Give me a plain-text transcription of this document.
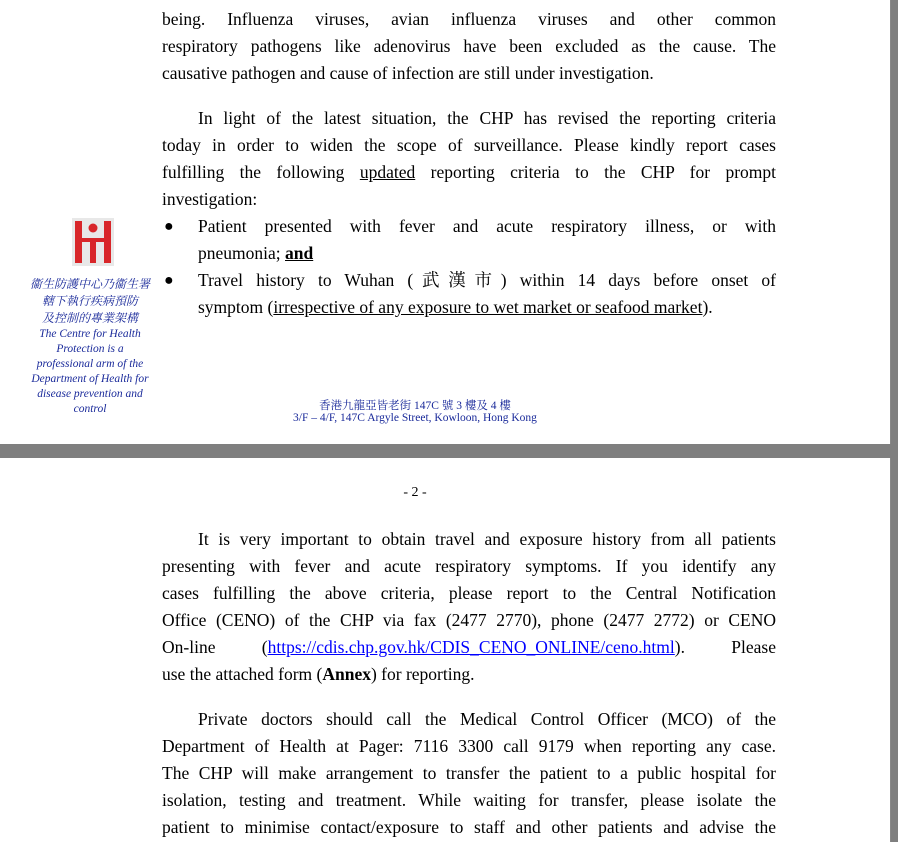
being. Influenza viruses, avian influenza viruses and other common
respiratory pathogens like adenovirus have been excluded as the cause. The
causative pathogen and cause of infection are still under investigation.
In light of the latest situation, the CHP has revised the reporting criteria
today in order to widen the scope of surveillance. Please kindly report cases
fulfilling the following updated reporting criteria to the CHP for prompt
investigation:
● Patient presented with fever and acute respiratory illness, or with
pneumonia; and
● Travel history to Wuhan (武漢市) within 14 days before onset of
symptom (irrespective of any exposure to wet market or seafood market).
衞生防護中心乃衞生署
轄下執行疾病預防
及控制的專業架構
The Centre for Health
Protection is a
professional arm of the
Department of Health for
disease prevention and
control	香港九龍亞皆老街 147C 號 3 樓及 4 樓
3/F – 4/F, 147C Argyle Street, Kowloon, Hong Kong
It is very important to obtain travel and exposure history from all patients
presenting with fever and acute respiratory symptoms. If you identify any
cases fulfilling the above criteria, please report to the Central Notification
Office (CENO) of the CHP via fax (2477 2770), phone (2477 2772) or CENO
On-line (https://cdis.chp.gov.hk/CDIS_CENO_ONLINE/ceno.html). Please
use the attached form (Annex) for reporting.
Private doctors should call the Medical Control Officer (MCO) of the
Department of Health at Pager: 7116 3300 call 9179 when reporting any case.
The CHP will make arrangement to transfer the patient to a public hospital for
isolation, testing and treatment. While waiting for transfer, please isolate the
patient to minimise contact/exposure to staff and other patients and advise the
- 2 -
